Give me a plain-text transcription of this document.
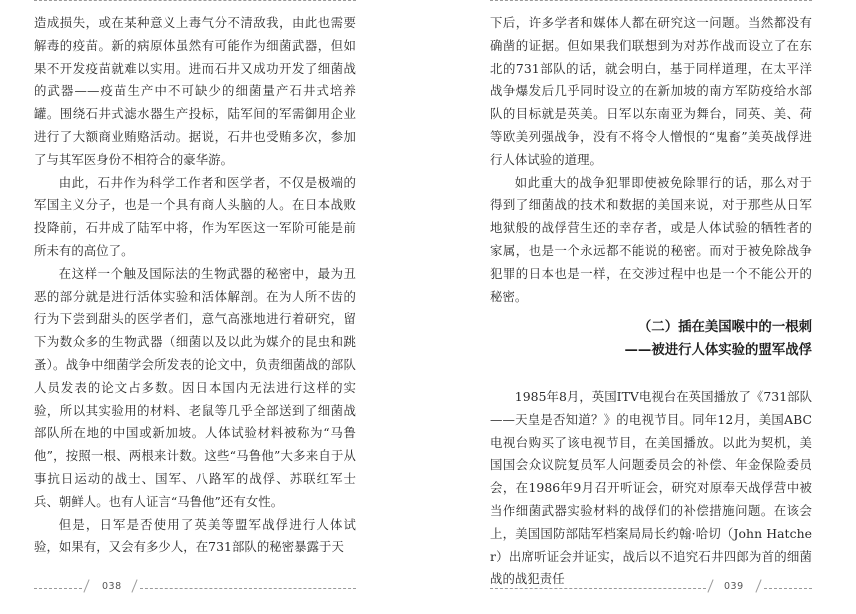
造成损失，或在某种意义上毒气分不清敌我，由此也需要解毒的疫苗。新的病原体虽然有可能作为细菌武器，但如果不开发疫苗就难以实用。进而石井又成功开发了细菌战的武器——疫苗生产中不可缺少的细菌量产石井式培养罐。围绕石井式滤水器生产投标，陆军间的军需御用企业进行了大额商业贿赂活动。据说，石井也受贿多次，参加了与其军医身份不相符合的豪华游。

由此，石井作为科学工作者和医学者，不仅是极端的军国主义分子，也是一个具有商人头脑的人。在日本战败投降前，石井成了陆军中将，作为军医这一军阶可能是前所未有的高位了。

在这样一个触及国际法的生物武器的秘密中，最为丑恶的部分就是进行活体实验和活体解剖。在为人所不齿的行为下尝到甜头的医学者们，意气高涨地进行着研究，留下为数众多的生物武器（细菌以及以此为媒介的昆虫和跳蚤）。战争中细菌学会所发表的论文中，负责细菌战的部队人员发表的论文占多数。因日本国内无法进行这样的实验，所以其实验用的材料、老鼠等几乎全部送到了细菌战部队所在地的中国或新加坡。人体试验材料被称为“马鲁他”，按照一根、两根来计数。这些“马鲁他”大多来自于从事抗日运动的战士、国军、八路军的战俘、苏联红军士兵、朝鲜人。也有人证言“马鲁他”还有女性。

但是，日军是否使用了英美等盟军战俘进行人体试验，如果有，又会有多少人，在731部队的秘密暴露于天

038

下后，许多学者和媒体人都在研究这一问题。当然都没有确凿的证据。但如果我们联想到为对苏作战而设立了在东北的731部队的话，就会明白，基于同样道理，在太平洋战争爆发后几乎同时设立的在新加坡的南方军防疫给水部队的目标就是英美。日军以东南亚为舞台，同英、美、荷等欧美列强战争，没有不将令人憎恨的“鬼畜”美英战俘进行人体试验的道理。

如此重大的战争犯罪即使被免除罪行的话，那么对于得到了细菌战的技术和数据的美国来说，对于那些从日军地狱般的战俘营生还的幸存者，或是人体试验的牺牲者的家属，也是一个永远都不能说的秘密。而对于被免除战争犯罪的日本也是一样，在交涉过程中也是一个不能公开的秘密。

（二）插在美国喉中的一根刺
——被进行人体实验的盟军战俘

1985年8月，英国ITV电视台在英国播放了《731部队——天皇是否知道？》的电视节目。同年12月，美国ABC电视台购买了该电视节目，在美国播放。以此为契机，美国国会众议院复员军人问题委员会的补偿、年金保险委员会，在1986年9月召开听证会，研究对原奉天战俘营中被当作细菌武器实验材料的战俘们的补偿措施问题。在该会上，美国国防部陆军档案局局长约翰·哈切（John Hatcher）出席听证会并证实，战后以不追究石井四郎为首的细菌战的战犯责任

039
